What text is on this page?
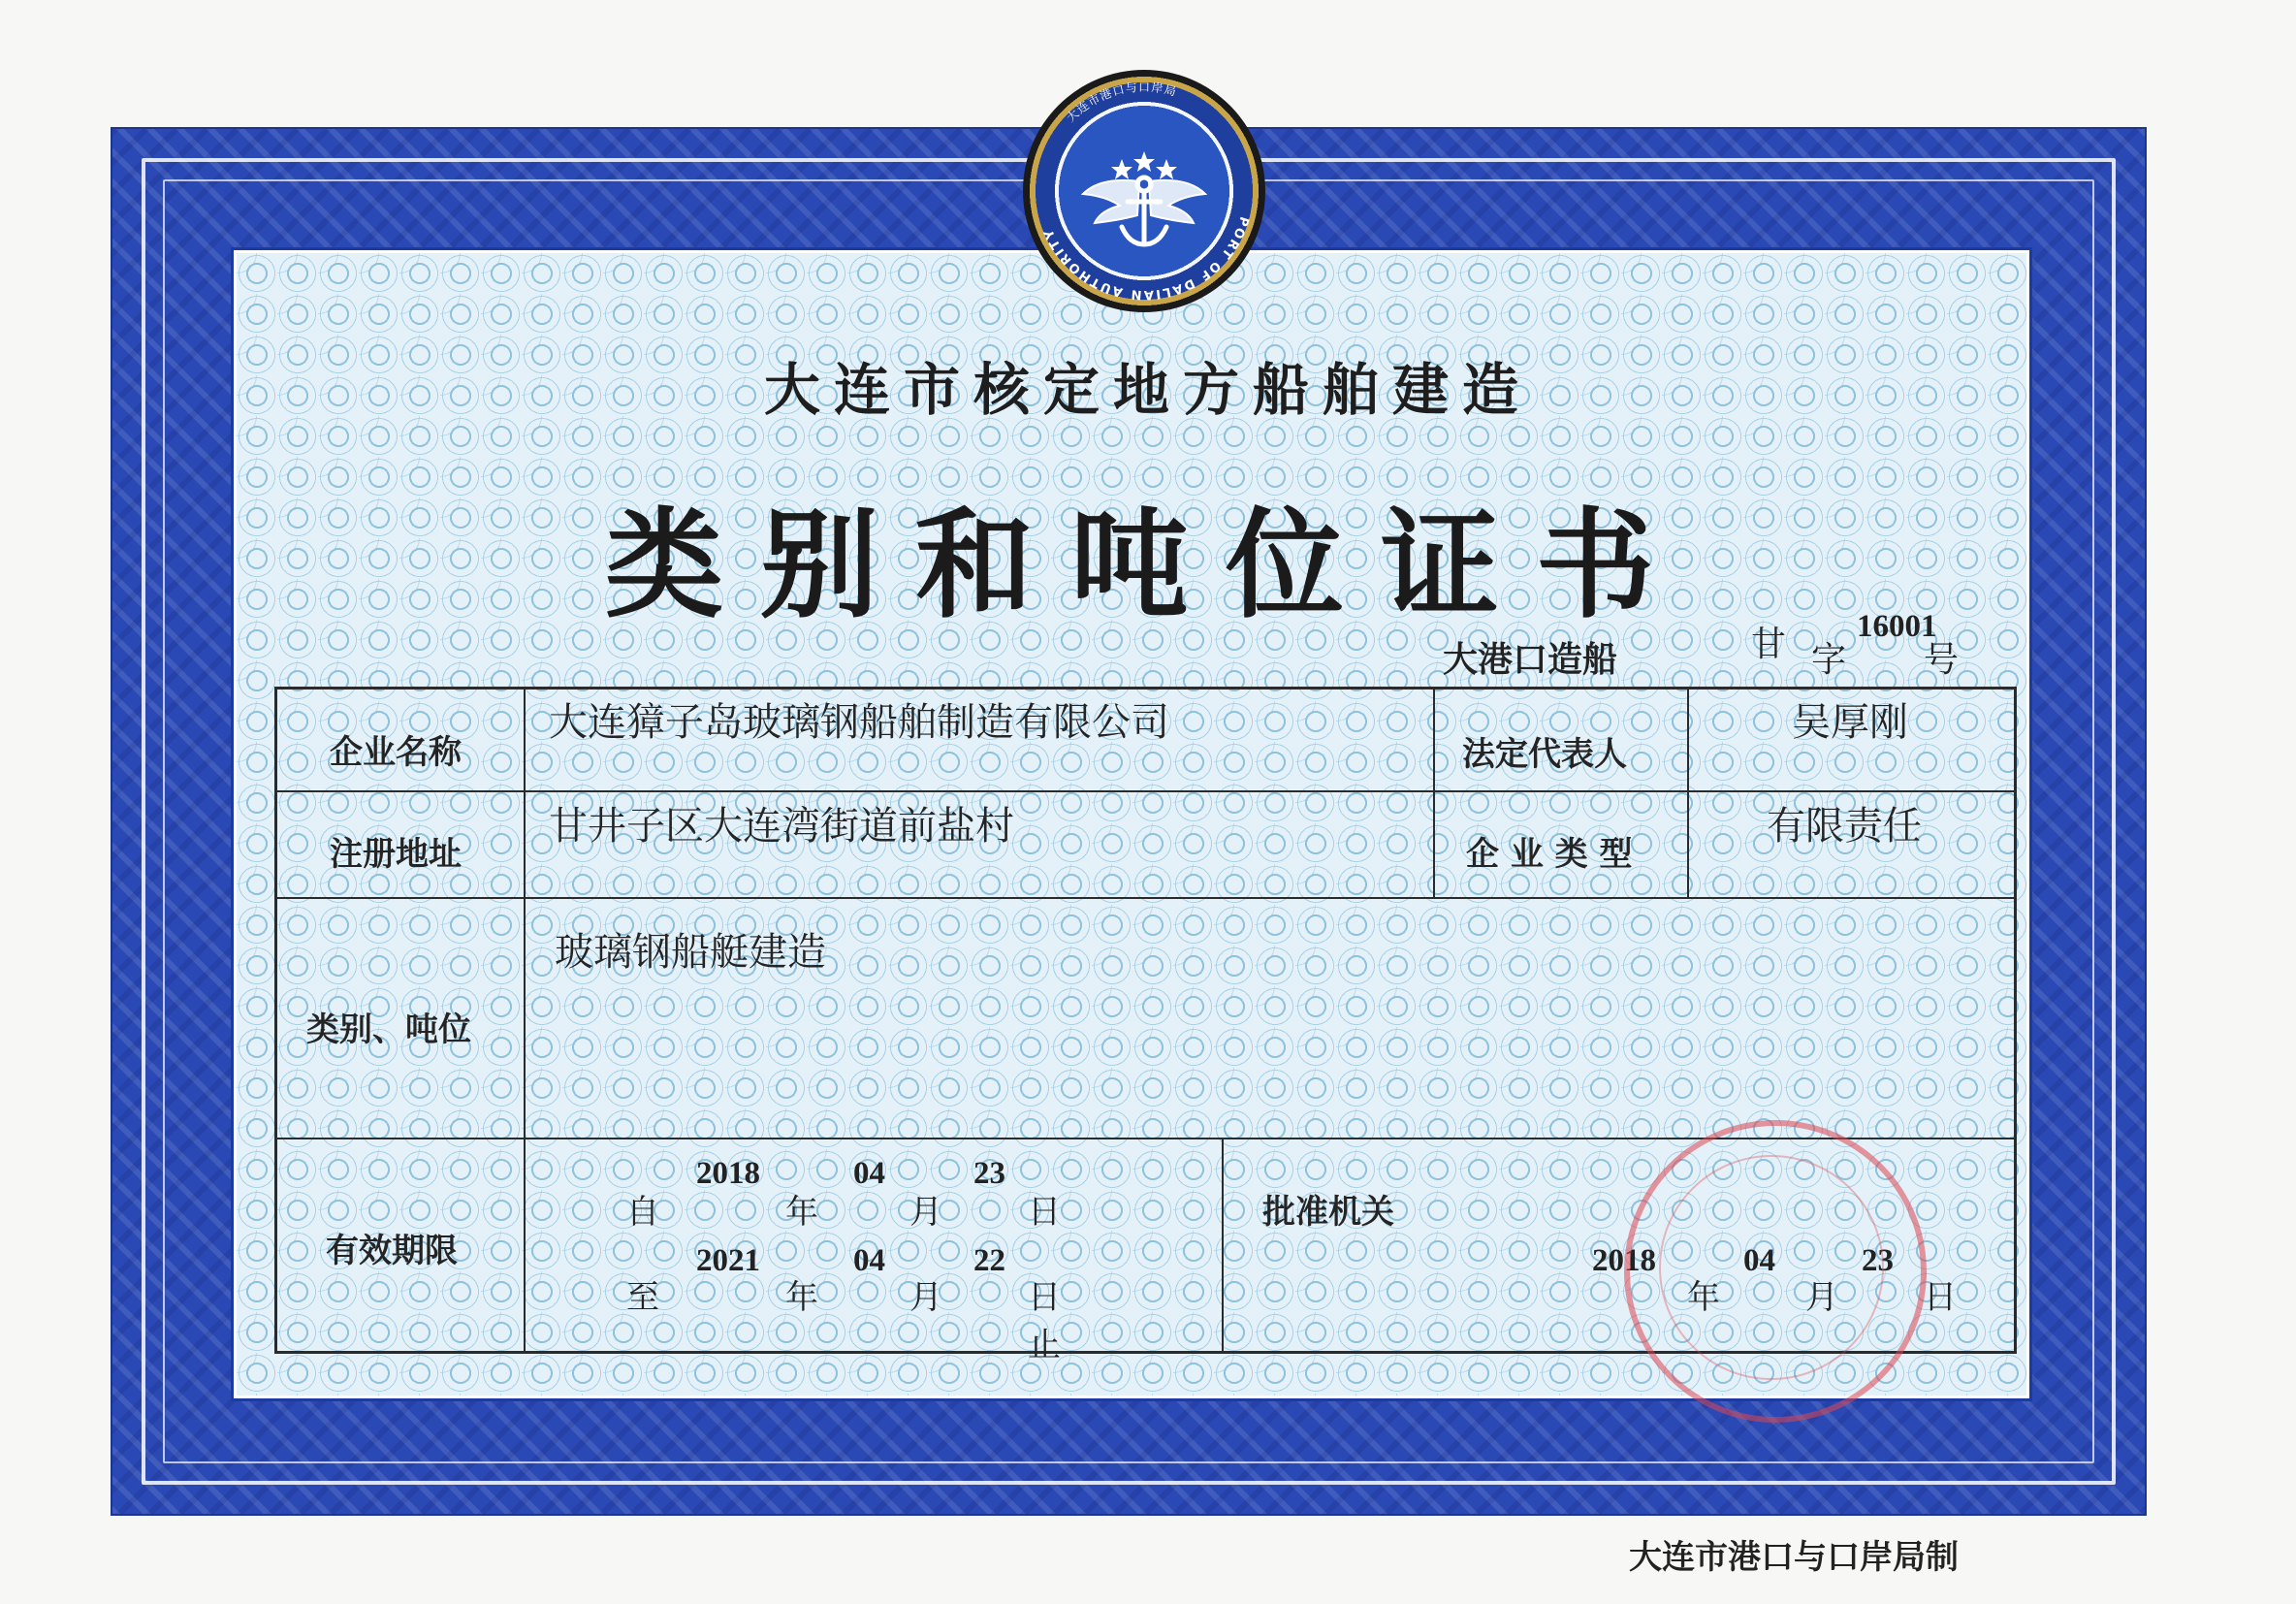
PORT OF DALIAN AUTHORITY
大连市港口与口岸局
大连市核定地方船舶建造
类别和吨位证书
大港口造船	甘 字
16001
号
企业名称
大连獐子岛玻璃钢船舶制造有限公司
法定代表人
吴厚刚
注册地址
甘井子区大连湾街道前盐村
企 业 类 型
有限责任
类别、吨位
玻璃钢船艇建造
有效期限
批准机关
自
2018
年
04
月
23
日
至
2021
年
04
月
22
日止
2018
年
04
月
23
日
大连市港口与口岸局制
